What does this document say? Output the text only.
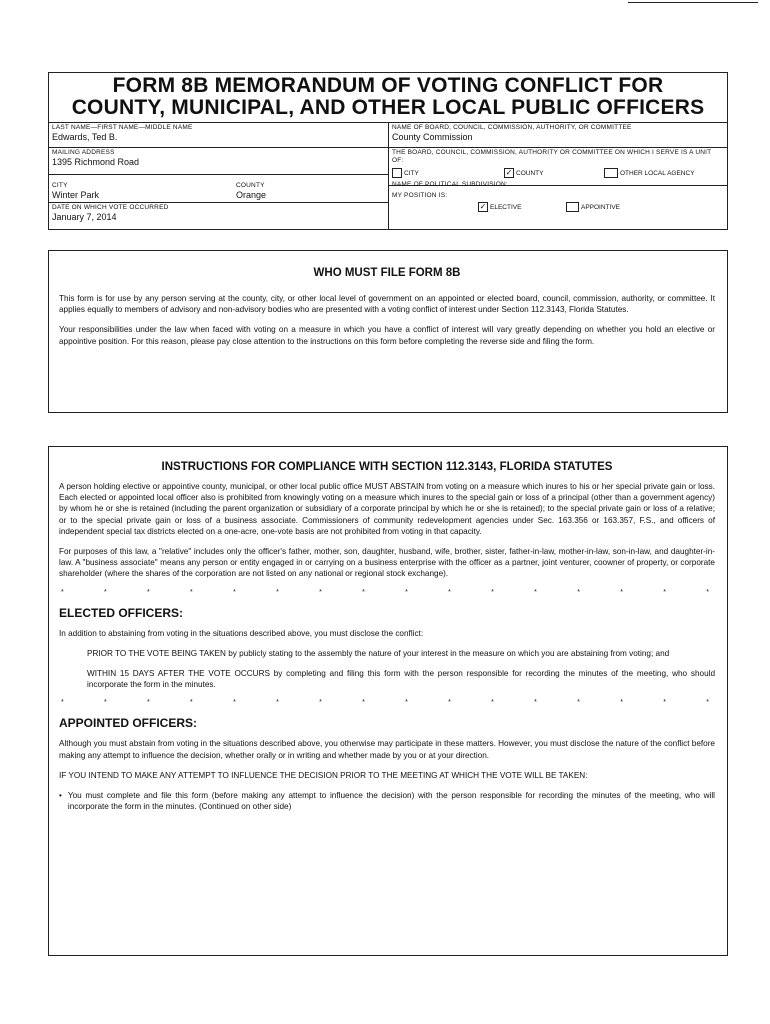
FORM 8B MEMORANDUM OF VOTING CONFLICT FOR
COUNTY, MUNICIPAL, AND OTHER LOCAL PUBLIC OFFICERS
LAST NAME—FIRST NAME—MIDDLE NAME
Edwards, Ted B.
MAILING ADDRESS
1395 Richmond Road
CITY
Winter Park
COUNTY
Orange
DATE ON WHICH VOTE OCCURRED
January 7, 2014
NAME OF BOARD, COUNCIL, COMMISSION, AUTHORITY, OR COMMITTEE
County Commission
THE BOARD, COUNCIL, COMMISSION, AUTHORITY OR COMMITTEE ON WHICH I SERVE IS A UNIT OF:
CITY	✓ COUNTY	OTHER LOCAL AGENCY
NAME OF POLITICAL SUBDIVISION:
MY POSITION IS:
✓ ELECTIVE	APPOINTIVE
WHO MUST FILE FORM 8B

This form is for use by any person serving at the county, city, or other local level of government on an appointed or elected board, council, commission, authority, or committee. It applies equally to members of advisory and non-advisory bodies who are presented with a voting conflict of interest under Section 112.3143, Florida Statutes.

Your responsibilities under the law when faced with voting on a measure in which you have a conflict of interest will vary greatly depending on whether you hold an elective or appointive position. For this reason, please pay close attention to the instructions on this form before completing the reverse side and filing the form.

INSTRUCTIONS FOR COMPLIANCE WITH SECTION 112.3143, FLORIDA STATUTES

A person holding elective or appointive county, municipal, or other local public office MUST ABSTAIN from voting on a measure which inures to his or her special private gain or loss. Each elected or appointed local officer also is prohibited from knowingly voting on a measure which inures to the special gain or loss of a principal (other than a government agency) by whom he or she is retained (including the parent organization or subsidiary of a corporate principal by which he or she is retained); to the special private gain or loss of a relative; or to the special private gain or loss of a business associate. Commissioners of community redevelopment agencies under Sec. 163.356 or 163.357, F.S., and officers of independent special tax districts elected on a one-acre, one-vote basis are not prohibited from voting in that capacity.

For purposes of this law, a "relative" includes only the officer's father, mother, son, daughter, husband, wife, brother, sister, father-in-law, mother-in-law, son-in-law, and daughter-in-law. A "business associate" means any person or entity engaged in or carrying on a business enterprise with the officer as a partner, joint venturer, coowner of property, or corporate shareholder (where the shares of the corporation are not listed on any national or regional stock exchange).

*	*	*	*	*	*	*	*	*	*	*	*	*	*	*	*
ELECTED OFFICERS:

In addition to abstaining from voting in the situations described above, you must disclose the conflict:

PRIOR TO THE VOTE BEING TAKEN by publicly stating to the assembly the nature of your interest in the measure on which you are abstaining from voting; and

WITHIN 15 DAYS AFTER THE VOTE OCCURS by completing and filing this form with the person responsible for recording the minutes of the meeting, who should incorporate the form in the minutes.

*	*	*	*	*	*	*	*	*	*	*	*	*	*	*	*
APPOINTED OFFICERS:

Although you must abstain from voting in the situations described above, you otherwise may participate in these matters. However, you must disclose the nature of the conflict before making any attempt to influence the decision, whether orally or in writing and whether made by you or at your direction.

IF YOU INTEND TO MAKE ANY ATTEMPT TO INFLUENCE THE DECISION PRIOR TO THE MEETING AT WHICH THE VOTE WILL BE TAKEN:

• You must complete and file this form (before making any attempt to influence the decision) with the person responsible for recording the minutes of the meeting, who will incorporate the form in the minutes. (Continued on other side)
